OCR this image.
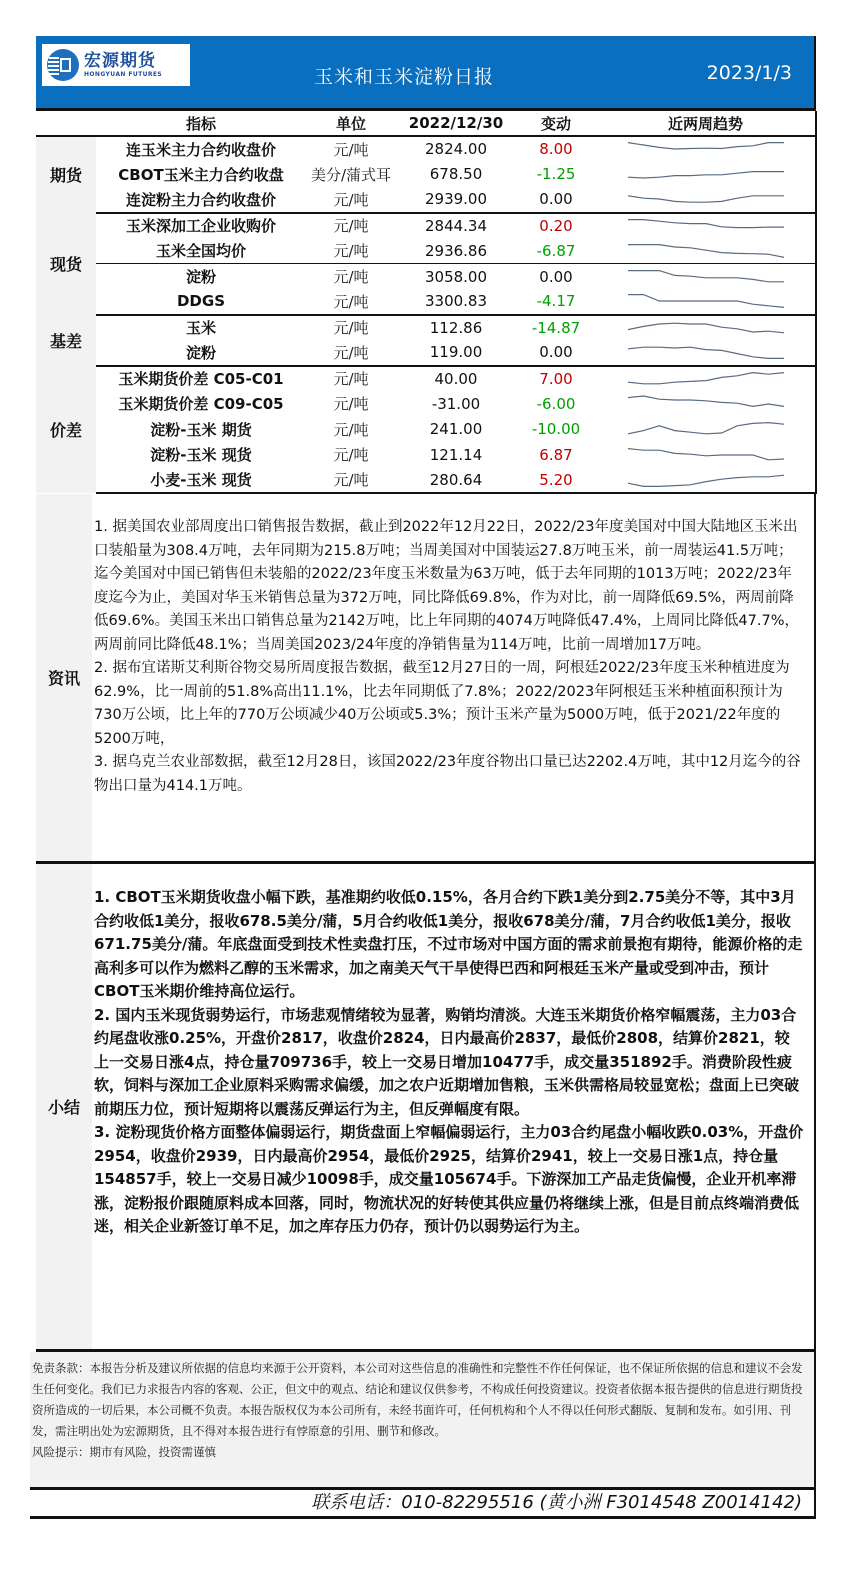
宏源期货
HONGYUAN FUTURES	玉米和玉米淀粉日报	2023/1/3
	指标	单位	2022/12/30	变动	近两周趋势
期货	连玉米主力合约收盘价	元/吨	2824.00	8.00	

	CBOT玉米主力合约收盘	美分/蒲式耳	678.50	-1.25	

	连淀粉主力合约收盘价	元/吨	2939.00	0.00	

现货	玉米深加工企业收购价	元/吨	2844.34	0.20	

	玉米全国均价	元/吨	2936.86	-6.87	

	淀粉	元/吨	3058.00	0.00	

	DDGS	元/吨	3300.83	-4.17	

基差	玉米	元/吨	112.86	-14.87	

	淀粉	元/吨	119.00	0.00	

价差	玉米期货价差 C05-C01	元/吨	40.00	7.00	

	玉米期货价差 C09-C05	元/吨	-31.00	-6.00	

	淀粉-玉米 期货	元/吨	241.00	-10.00	

	淀粉-玉米 现货	元/吨	121.14	6.87	

	小麦-玉米 现货	元/吨	280.64	5.20	
资讯

1. 据美国农业部周度出口销售报告数据，截止到2022年12月22日，2022/23年度美国对中国大陆地区玉米出口装船量为308.4万吨，去年同期为215.8万吨；当周美国对中国装运27.8万吨玉米，前一周装运41.5万吨；迄今美国对中国已销售但未装船的2022/23年度玉米数量为63万吨，低于去年同期的1013万吨；2022/23年度迄今为止，美国对华玉米销售总量为372万吨，同比降低69.8%，作为对比，前一周降低69.5%，两周前降低69.6%。美国玉米出口销售总量为2142万吨，比上年同期的4074万吨降低47.4%，上周同比降低47.7%，两周前同比降低48.1%；当周美国2023/24年度的净销售量为114万吨，比前一周增加17万吨。

2. 据布宜诺斯艾利斯谷物交易所周度报告数据，截至12月27日的一周，阿根廷2022/23年度玉米种植进度为62.9%，比一周前的51.8%高出11.1%，比去年同期低了7.8%；2022/2023年阿根廷玉米种植面积预计为730万公顷，比上年的770万公顷减少40万公顷或5.3%；预计玉米产量为5000万吨，低于2021/22年度的5200万吨，

3. 据乌克兰农业部数据，截至12月28日，该国2022/23年度谷物出口量已达2202.4万吨，其中12月迄今的谷物出口量为414.1万吨。

小结

1. CBOT玉米期货收盘小幅下跌，基准期约收低0.15%，各月合约下跌1美分到2.75美分不等，其中3月合约收低1美分，报收678.5美分/蒲，5月合约收低1美分，报收678美分/蒲，7月合约收低1美分，报收671.75美分/蒲。年底盘面受到技术性卖盘打压，不过市场对中国方面的需求前景抱有期待，能源价格的走高利多可以作为燃料乙醇的玉米需求，加之南美天气干旱使得巴西和阿根廷玉米产量或受到冲击，预计CBOT玉米期价维持高位运行。

2. 国内玉米现货弱势运行，市场悲观情绪较为显著，购销均清淡。大连玉米期货价格窄幅震荡，主力03合约尾盘收涨0.25%，开盘价2817，收盘价2824，日内最高价2837，最低价2808，结算价2821，较上一交易日涨4点，持仓量709736手，较上一交易日增加10477手，成交量351892手。消费阶段性疲软，饲料与深加工企业原料采购需求偏缓，加之农户近期增加售粮，玉米供需格局较显宽松；盘面上已突破前期压力位，预计短期将以震荡反弹运行为主，但反弹幅度有限。

3. 淀粉现货价格方面整体偏弱运行，期货盘面上窄幅偏弱运行，主力03合约尾盘小幅收跌0.03%，开盘价2954，收盘价2939，日内最高价2954，最低价2925，结算价2941，较上一交易日涨1点，持仓量154857手，较上一交易日减少10098手，成交量105674手。下游深加工产品走货偏慢，企业开机率滞涨，淀粉报价跟随原料成本回落，同时，物流状况的好转使其供应量仍将继续上涨，但是目前点终端消费低迷，相关企业新签订单不足，加之库存压力仍存，预计仍以弱势运行为主。

免责条款：本报告分析及建议所依据的信息均来源于公开资料，本公司对这些信息的准确性和完整性不作任何保证，也不保证所依据的信息和建议不会发生任何变化。我们已力求报告内容的客观、公正，但文中的观点、结论和建议仅供参考，不构成任何投资建议。投资者依据本报告提供的信息进行期货投资所造成的一切后果，本公司概不负责。本报告版权仅为本公司所有，未经书面许可，任何机构和个人不得以任何形式翻版、复制和发布。如引用、刊发，需注明出处为宏源期货，且不得对本报告进行有悖原意的引用、删节和修改。
风险提示：期市有风险，投资需谨慎
联系电话：010-82295516 (黄小洲 F3014548 Z0014142)
